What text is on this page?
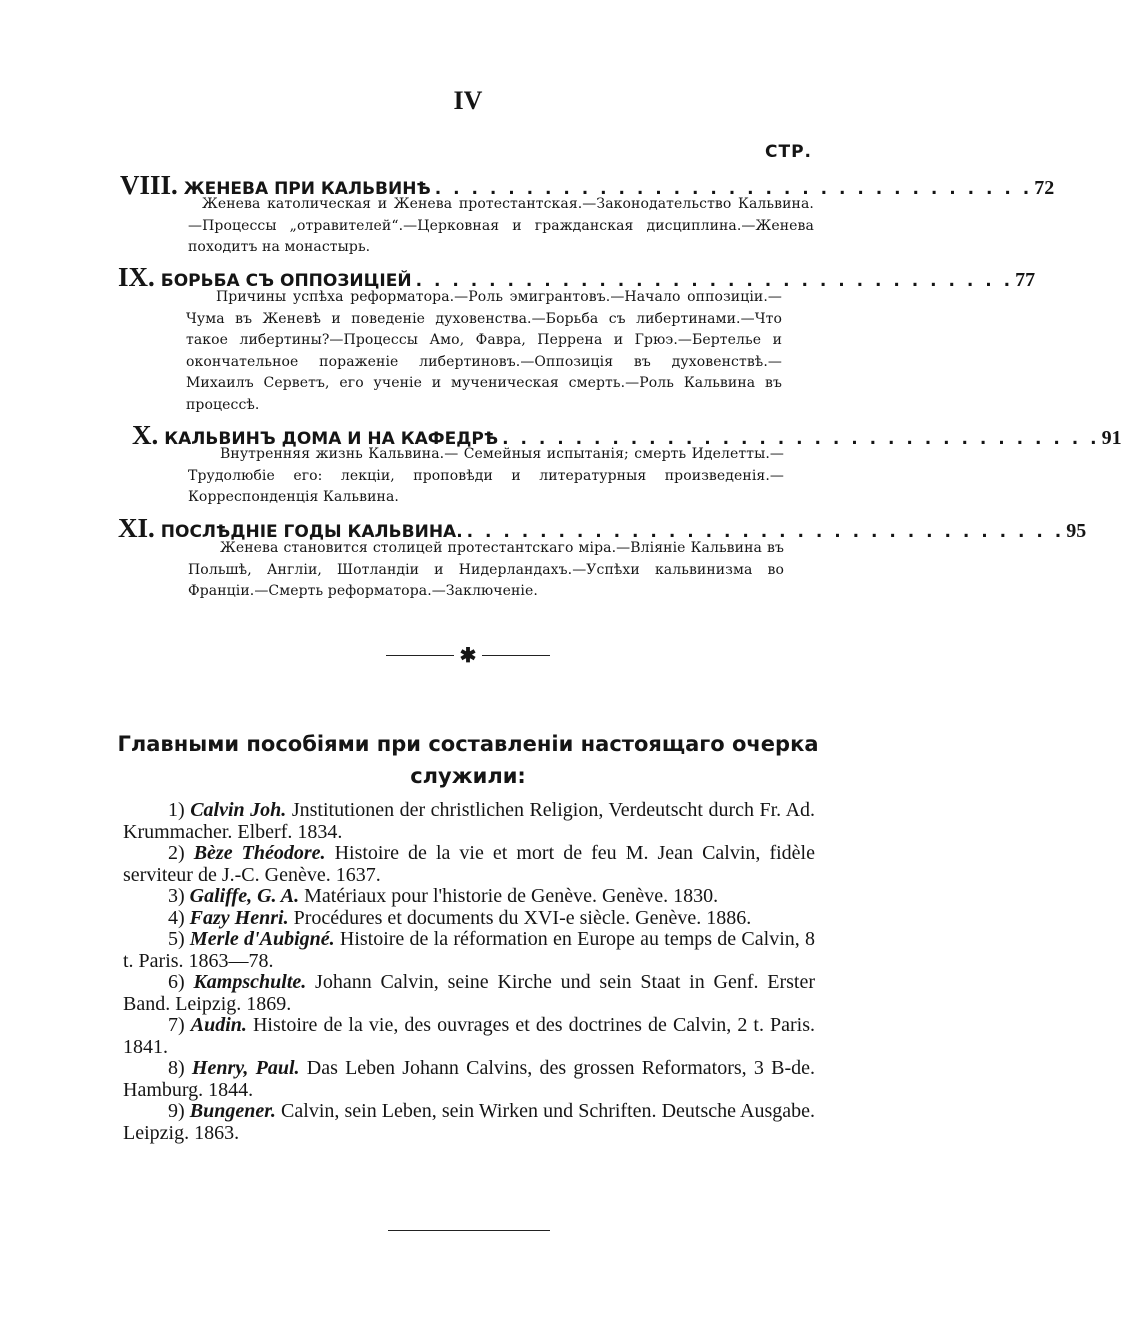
IV
СТР.
VIII. ЖЕНЕВА ПРИ КАЛЬВИНѢ . . . . . . . . . . . . . . . . . . . . . . . . . . . . . . . . . 72
Женева католическая и Женева протестантская.—Законодательство Кальвина.—Процессы „отравителей“.—Церковная и гражданская дисциплина.—Женева походитъ на монастырь.
IX. БОРЬБА СЪ ОППОЗИЦІЕЙ . . . . . . . . . . . . . . . . . . . . . . . . . . . . . . . . . 77
Причины успѣха реформатора.—Роль эмигрантовъ.—Начало оппозиціи.—Чума въ Женевѣ и поведеніе духовенства.—Борьба съ либертинами.—Что такое либертины?—Процессы Амо, Фавра, Перрена и Грюэ.—Бертелье и окончательное пораженіе либертиновъ.—Оппозиція въ духовенствѣ.—Михаилъ Серветъ, его ученіе и мученическая смерть.—Роль Кальвина въ процессѣ.
X. КАЛЬВИНЪ ДОМА И НА КАФЕДРѢ . . . . . . . . . . . . . . . . . . . . . . . . . . . . . . . . . 91
Внутренняя жизнь Кальвина.— Семейныя испытанія; смерть Иделетты.—Трудолюбіе его: лекціи, проповѣди и литературныя произведенія.—Корреспонденція Кальвина.
XI. ПОСЛѢДНІЕ ГОДЫ КАЛЬВИНА. . . . . . . . . . . . . . . . . . . . . . . . . . . . . . . . . . 95
Женева становится столицей протестантскаго міра.—Вліяніе Кальвина въ Польшѣ, Англіи, Шотландіи и Нидерландахъ.—Успѣхи кальвинизма во Франціи.—Смерть реформатора.—Заключеніе.
✱
Главными пособіями при составленіи настоящаго очерка служили:

1) Calvin Joh. Jnstitutionen der christlichen Religion, Verdeutscht durch Fr. Ad. Krummacher. Elberf. 1834.

2) Bèze Théodore. Histoire de la vie et mort de feu M. Jean Calvin, fidèle serviteur de J.-C. Genève. 1637.

3) Galiffe, G. A. Matériaux pour l'historie de Genève. Genève. 1830.

4) Fazy Henri. Procédures et documents du XVI-e siècle. Genève. 1886.

5) Merle d'Aubigné. Histoire de la réformation en Europe au temps de Calvin, 8 t. Paris. 1863—78.

6) Kampschulte. Johann Calvin, seine Kirche und sein Staat in Genf. Erster Band. Leipzig. 1869.

7) Audin. Histoire de la vie, des ouvrages et des doctrines de Calvin, 2 t. Paris. 1841.

8) Henry, Paul. Das Leben Johann Calvins, des grossen Reformators, 3 B-de. Hamburg. 1844.

9) Bungener. Calvin, sein Leben, sein Wirken und Schriften. Deutsche Ausgabe. Leipzig. 1863.
